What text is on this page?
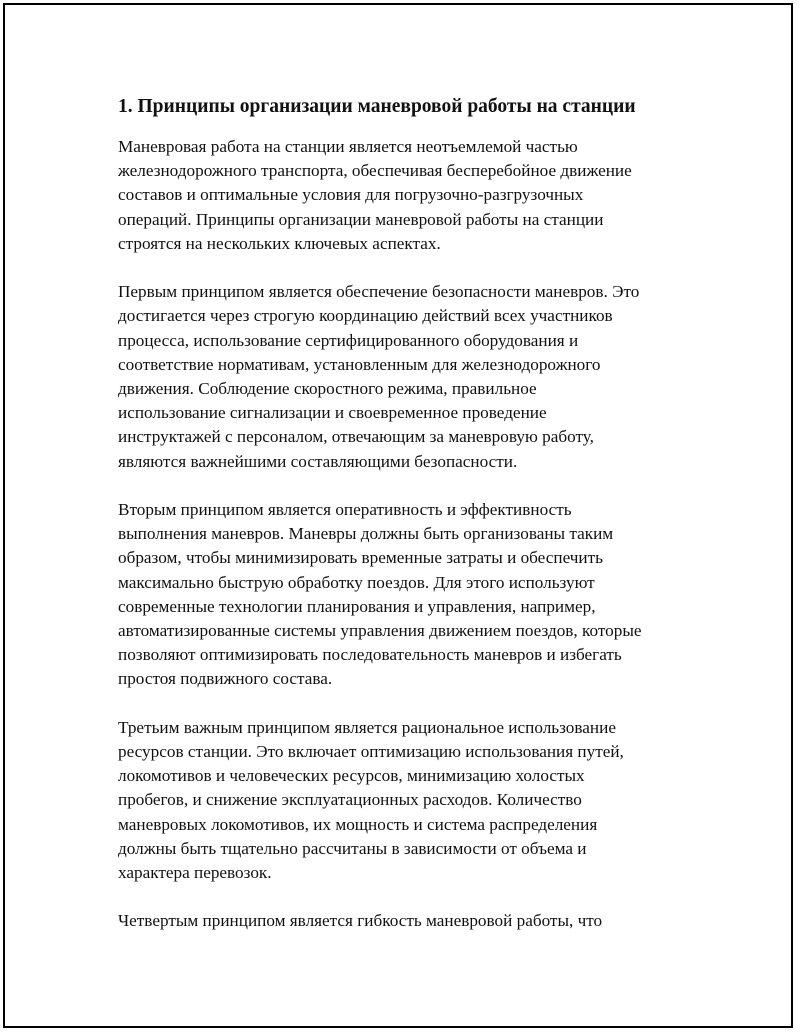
1. Принципы организации маневровой работы на станции
Маневровая работа на станции является неотъемлемой частью
железнодорожного транспорта, обеспечивая бесперебойное движение
составов и оптимальные условия для погрузочно-разгрузочных
операций. Принципы организации маневровой работы на станции
строятся на нескольких ключевых аспектах.
Первым принципом является обеспечение безопасности маневров. Это
достигается через строгую координацию действий всех участников
процесса, использование сертифицированного оборудования и
соответствие нормативам, установленным для железнодорожного
движения. Соблюдение скоростного режима, правильное
использование сигнализации и своевременное проведение
инструктажей с персоналом, отвечающим за маневровую работу,
являются важнейшими составляющими безопасности.
Вторым принципом является оперативность и эффективность
выполнения маневров. Маневры должны быть организованы таким
образом, чтобы минимизировать временные затраты и обеспечить
максимально быструю обработку поездов. Для этого используют
современные технологии планирования и управления, например,
автоматизированные системы управления движением поездов, которые
позволяют оптимизировать последовательность маневров и избегать
простоя подвижного состава.
Третьим важным принципом является рациональное использование
ресурсов станции. Это включает оптимизацию использования путей,
локомотивов и человеческих ресурсов, минимизацию холостых
пробегов, и снижение эксплуатационных расходов. Количество
маневровых локомотивов, их мощность и система распределения
должны быть тщательно рассчитаны в зависимости от объема и
характера перевозок.
Четвертым принципом является гибкость маневровой работы, что
